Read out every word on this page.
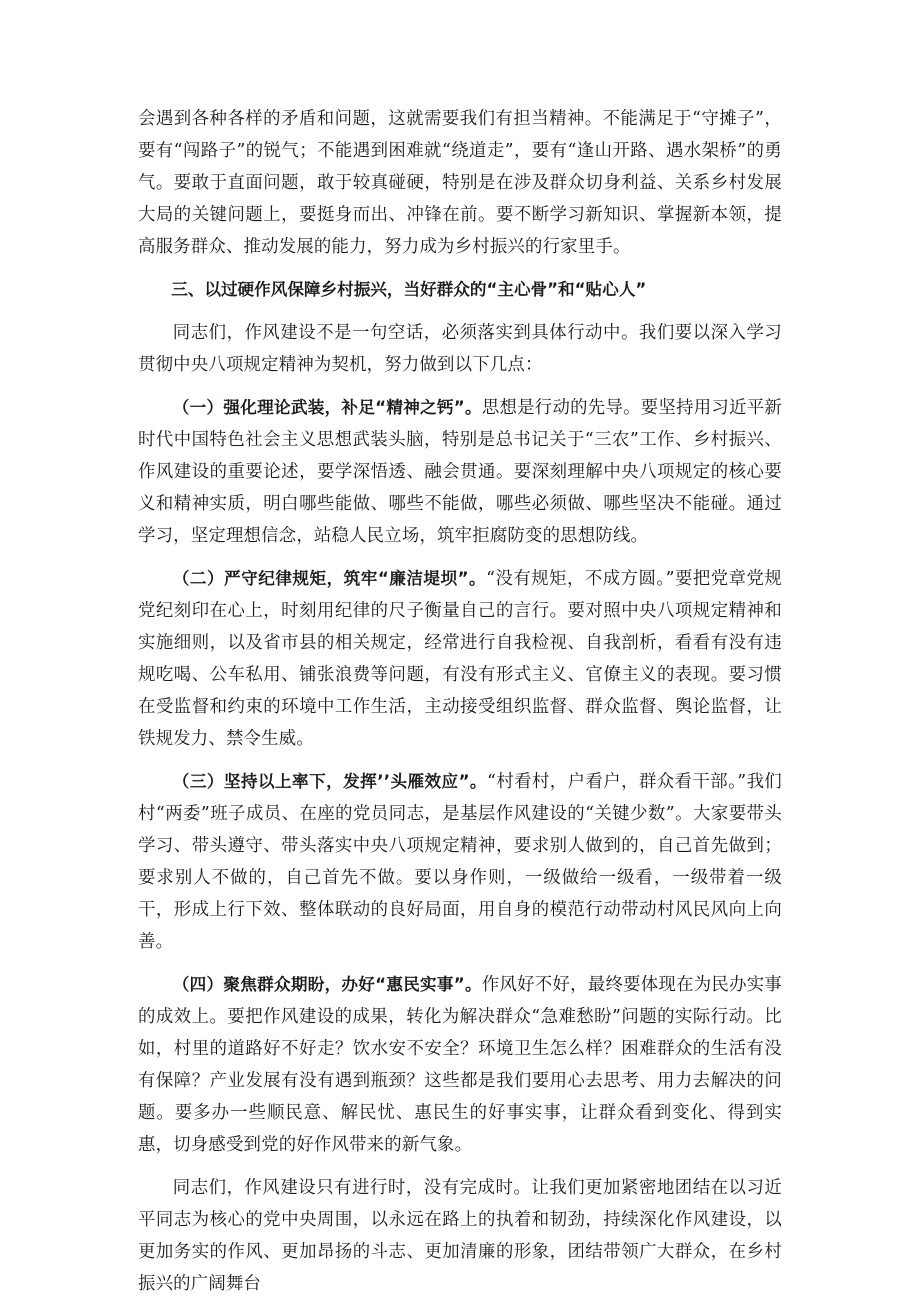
会遇到各种各样的矛盾和问题，这就需要我们有担当精神。不能满足于“守摊子”，要有“闯路子”的锐气；不能遇到困难就“绕道走”，要有“逢山开路、遇水架桥”的勇气。要敢于直面问题，敢于较真碰硬，特别是在涉及群众切身利益、关系乡村发展大局的关键问题上，要挺身而出、冲锋在前。要不断学习新知识、掌握新本领，提高服务群众、推动发展的能力，努力成为乡村振兴的行家里手。

三、以过硬作风保障乡村振兴，当好群众的“主心骨”和“贴心人”

同志们，作风建设不是一句空话，必须落实到具体行动中。我们要以深入学习贯彻中央八项规定精神为契机，努力做到以下几点：

（一）强化理论武装，补足“精神之钙”。思想是行动的先导。要坚持用习近平新时代中国特色社会主义思想武装头脑，特别是总书记关于“三农”工作、乡村振兴、作风建设的重要论述，要学深悟透、融会贯通。要深刻理解中央八项规定的核心要义和精神实质，明白哪些能做、哪些不能做，哪些必须做、哪些坚决不能碰。通过学习，坚定理想信念，站稳人民立场，筑牢拒腐防变的思想防线。

（二）严守纪律规矩，筑牢“廉洁堤坝”。“没有规矩，不成方圆。”要把党章党规党纪刻印在心上，时刻用纪律的尺子衡量自己的言行。要对照中央八项规定精神和实施细则，以及省市县的相关规定，经常进行自我检视、自我剖析，看看有没有违规吃喝、公车私用、铺张浪费等问题，有没有形式主义、官僚主义的表现。要习惯在受监督和约束的环境中工作生活，主动接受组织监督、群众监督、舆论监督，让铁规发力、禁令生威。

（三）坚持以上率下，发挥’’头雁效应”。“村看村，户看户，群众看干部。”我们村“两委”班子成员、在座的党员同志，是基层作风建设的“关键少数”。大家要带头学习、带头遵守、带头落实中央八项规定精神，要求别人做到的，自己首先做到；要求别人不做的，自己首先不做。要以身作则，一级做给一级看，一级带着一级干，形成上行下效、整体联动的良好局面，用自身的模范行动带动村风民风向上向善。

（四）聚焦群众期盼，办好“惠民实事”。作风好不好，最终要体现在为民办实事的成效上。要把作风建设的成果，转化为解决群众“急难愁盼”问题的实际行动。比如，村里的道路好不好走？饮水安不安全？环境卫生怎么样？困难群众的生活有没有保障？产业发展有没有遇到瓶颈？这些都是我们要用心去思考、用力去解决的问题。要多办一些顺民意、解民忧、惠民生的好事实事，让群众看到变化、得到实惠，切身感受到党的好作风带来的新气象。

同志们，作风建设只有进行时，没有完成时。让我们更加紧密地团结在以习近平同志为核心的党中央周围，以永远在路上的执着和韧劲，持续深化作风建设，以更加务实的作风、更加昂扬的斗志、更加清廉的形象，团结带领广大群众，在乡村振兴的广阔舞台
